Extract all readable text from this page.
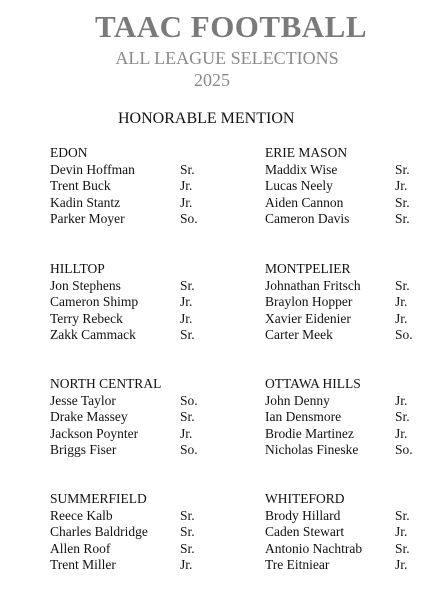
TAAC FOOTBALL
ALL LEAGUE SELECTIONS
2025
HONORABLE MENTION
EDON
Devin Hoffman	Sr.
Trent Buck	Jr.
Kadin Stantz	Jr.
Parker Moyer	So.
ERIE MASON
Maddix Wise	Sr.
Lucas Neely	Jr.
Aiden Cannon	Sr.
Cameron Davis	Sr.
HILLTOP
Jon Stephens	Sr.
Cameron Shimp	Jr.
Terry Rebeck	Jr.
Zakk Cammack	Sr.
MONTPELIER
Johnathan Fritsch	Sr.
Braylon Hopper	Jr.
Xavier Eidenier	Jr.
Carter Meek	So.
NORTH CENTRAL
Jesse Taylor	So.
Drake Massey	Sr.
Jackson Poynter	Jr.
Briggs Fiser	So.
OTTAWA HILLS
John Denny	Jr.
Ian Densmore	Sr.
Brodie Martinez	Jr.
Nicholas Fineske	So.
SUMMERFIELD
Reece Kalb	Sr.
Charles Baldridge Sr.
Allen Roof	Sr.
Trent Miller	Jr.
WHITEFORD
Brody Hillard	Sr.
Caden Stewart	Jr.
Antonio Nachtrab Sr.
Tre Eitniear	Jr.
